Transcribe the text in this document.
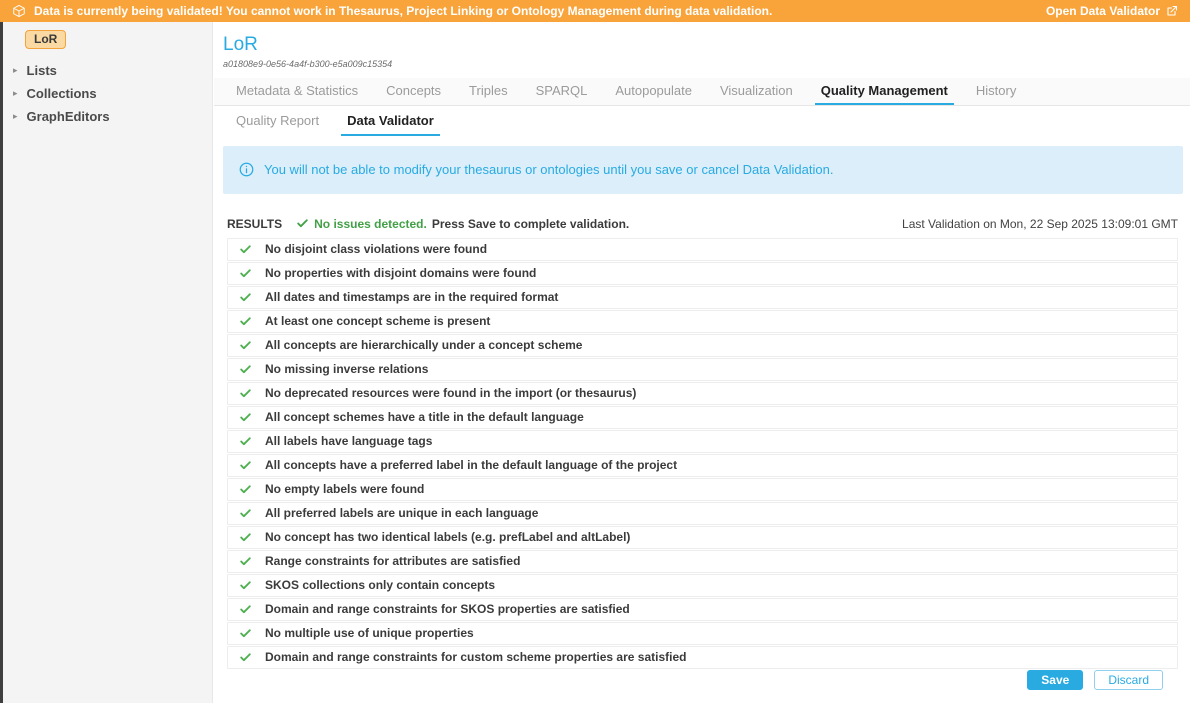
Data is currently being validated! You cannot work in Thesaurus, Project Linking or Ontology Management during data validation.	Open Data Validator
LoR
▸ Lists
▸ Collections
▸ GraphEditors
LoR
a01808e9-0e56-4a4f-b300-e5a009c15354
Metadata & Statistics Concepts Triples SPARQL Autopopulate Visualization Quality Management History
Quality Report Data Validator
You will not be able to modify your thesaurus or ontologies until you save or cancel Data Validation.
RESULTS	No issues detected. Press Save to complete validation.	Last Validation on Mon, 22 Sep 2025 13:09:01 GMT
No disjoint class violations were found
No properties with disjoint domains were found
All dates and timestamps are in the required format
At least one concept scheme is present
All concepts are hierarchically under a concept scheme
No missing inverse relations
No deprecated resources were found in the import (or thesaurus)
All concept schemes have a title in the default language
All labels have language tags
All concepts have a preferred label in the default language of the project
No empty labels were found
All preferred labels are unique in each language
No concept has two identical labels (e.g. prefLabel and altLabel)
Range constraints for attributes are satisfied
SKOS collections only contain concepts
Domain and range constraints for SKOS properties are satisfied
No multiple use of unique properties
Domain and range constraints for custom scheme properties are satisfied
Save	Discard
